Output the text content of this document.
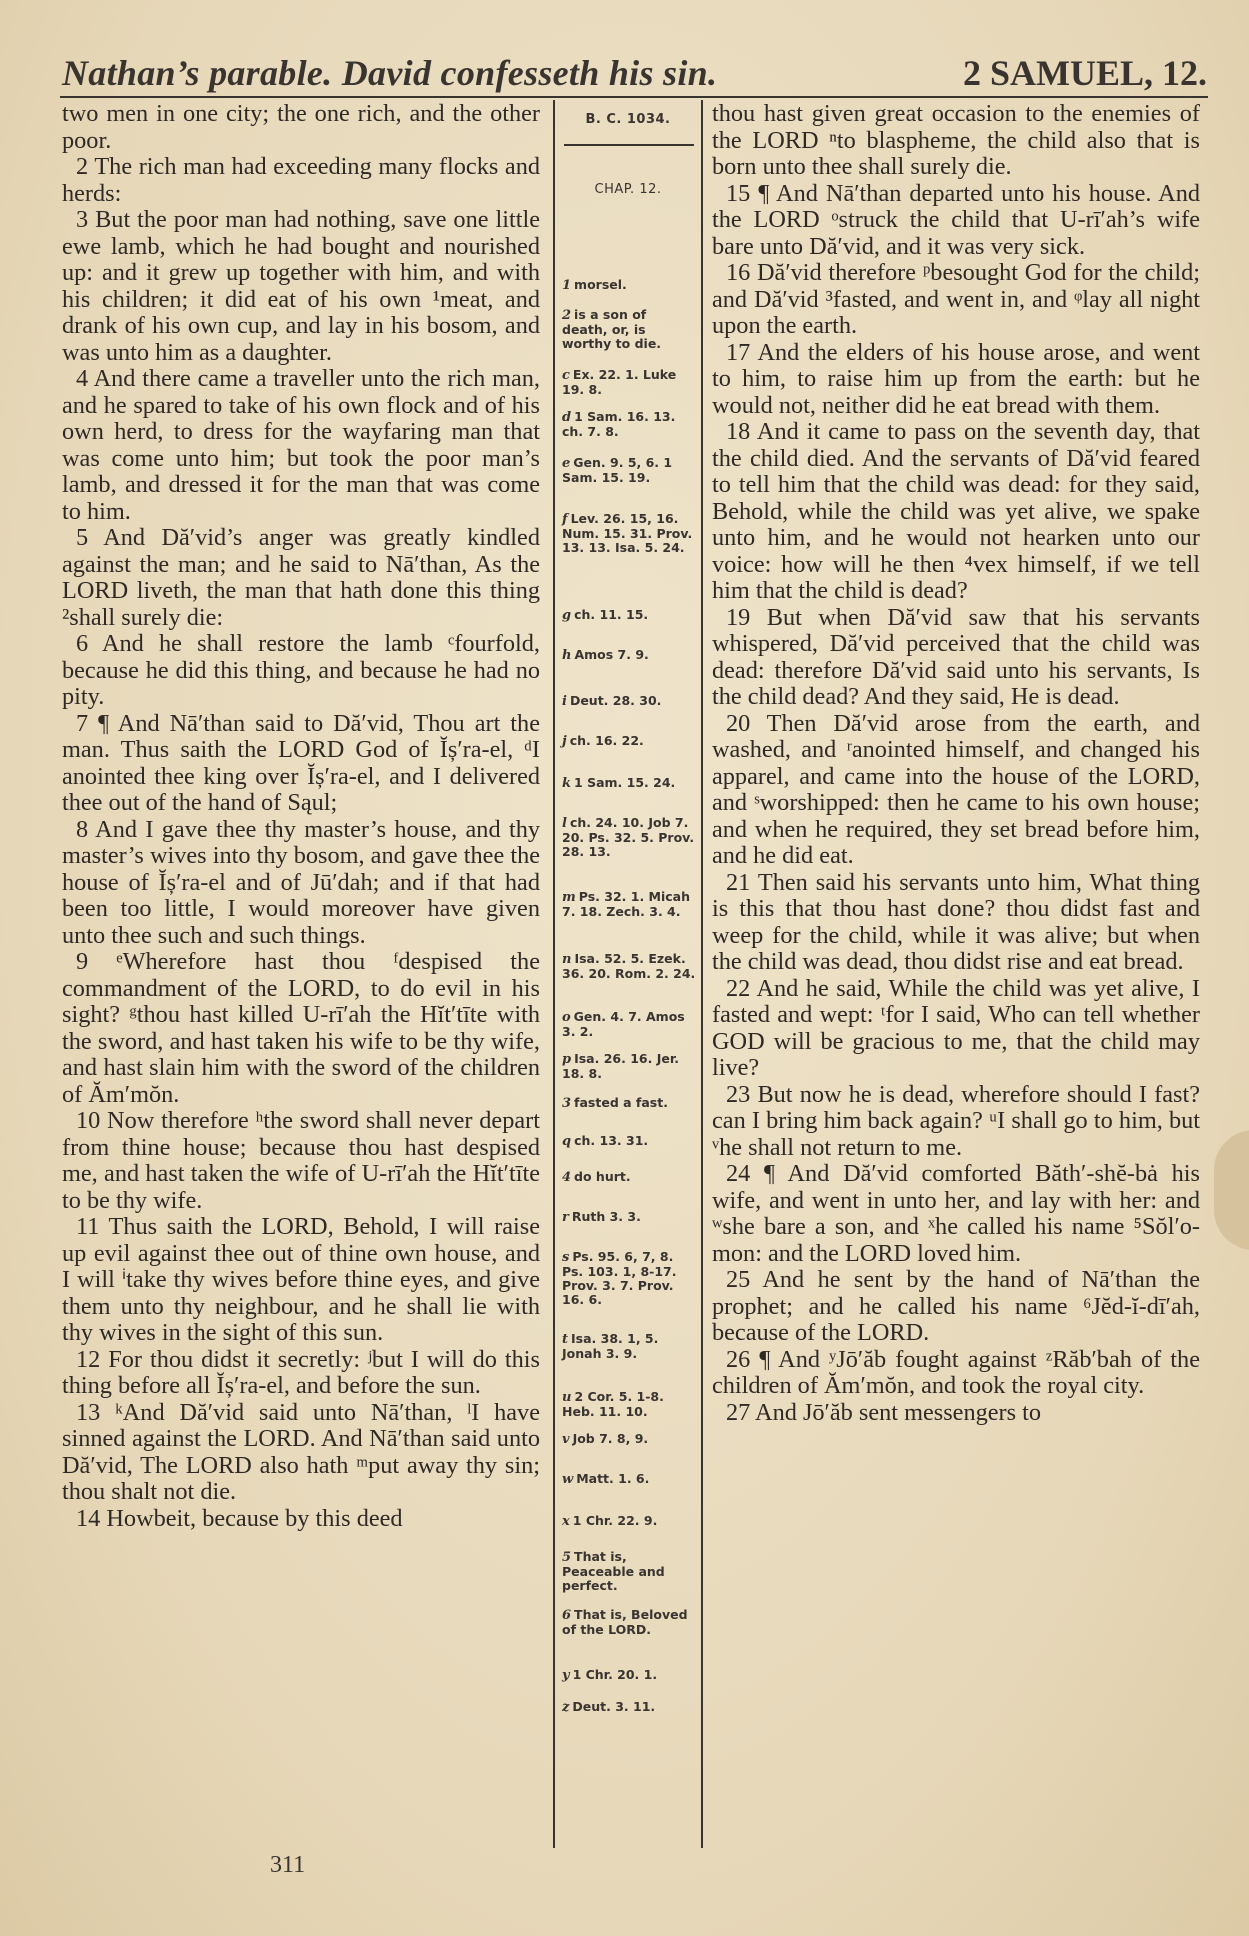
Nathan’s parable. David confesseth his sin.	2 SAMUEL, 12.

two men in one city; the one rich, and the other poor.

2 The rich man had exceeding many flocks and herds:

3 But the poor man had nothing, save one little ewe lamb, which he had bought and nourished up: and it grew up together with him, and with his children; it did eat of his own ¹meat, and drank of his own cup, and lay in his bosom, and was unto him as a daughter.

4 And there came a traveller unto the rich man, and he spared to take of his own flock and of his own herd, to dress for the wayfaring man that was come unto him; but took the poor man’s lamb, and dressed it for the man that was come to him.

5 And Dă′vid’s anger was greatly kindled against the man; and he said to Nā′than, As the LORD liveth, the man that hath done this thing ²shall surely die:

6 And he shall restore the lamb ᶜfourfold, because he did this thing, and because he had no pity.

7 ¶ And Nā′than said to Dă′vid, Thou art the man. Thus saith the LORD God of Ĭș′ra-el, ᵈI anointed thee king over Ĭș′ra-el, and I delivered thee out of the hand of Sąul;

8 And I gave thee thy master’s house, and thy master’s wives into thy bosom, and gave thee the house of Ĭș′ra-el and of Jū′dah; and if that had been too little, I would moreover have given unto thee such and such things.

9 ᵉWherefore hast thou ᶠdespised the commandment of the LORD, to do evil in his sight? ᵍthou hast killed U-rī′ah the Hĭt′tīte with the sword, and hast taken his wife to be thy wife, and hast slain him with the sword of the children of Ăm′mŏn.

10 Now therefore ʰthe sword shall never depart from thine house; because thou hast despised me, and hast taken the wife of U-rī′ah the Hĭt′tīte to be thy wife.

11 Thus saith the LORD, Behold, I will raise up evil against thee out of thine own house, and I will ⁱtake thy wives before thine eyes, and give them unto thy neighbour, and he shall lie with thy wives in the sight of this sun.

12 For thou didst it secretly: ʲbut I will do this thing before all Ĭș′ra-el, and before the sun.

13 ᵏAnd Dă′vid said unto Nā′than, ˡI have sinned against the LORD. And Nā′than said unto Dă′vid, The LORD also hath ᵐput away thy sin; thou shalt not die.

14 Howbeit, because by this deed

B. C. 1034.
CHAP. 12.
1 morsel.
2 is a son of death, or, is worthy to die.
c Ex. 22. 1. Luke 19. 8.
d 1 Sam. 16. 13. ch. 7. 8.
e Gen. 9. 5, 6. 1 Sam. 15. 19.
f Lev. 26. 15, 16. Num. 15. 31. Prov. 13. 13. Isa. 5. 24.
g ch. 11. 15.
h Amos 7. 9.
i Deut. 28. 30.
j ch. 16. 22.
k 1 Sam. 15. 24.
l ch. 24. 10. Job 7. 20. Ps. 32. 5. Prov. 28. 13.
m Ps. 32. 1. Micah 7. 18. Zech. 3. 4.
n Isa. 52. 5. Ezek. 36. 20. Rom. 2. 24.
o Gen. 4. 7. Amos 3. 2.
p Isa. 26. 16. Jer. 18. 8.
3 fasted a fast.
q ch. 13. 31.
4 do hurt.
r Ruth 3. 3.
s Ps. 95. 6, 7, 8. Ps. 103. 1, 8-17. Prov. 3. 7. Prov. 16. 6.
t Isa. 38. 1, 5. Jonah 3. 9.
u 2 Cor. 5. 1-8. Heb. 11. 10.
v Job 7. 8, 9.
w Matt. 1. 6.
x 1 Chr. 22. 9.
5 That is, Peaceable and perfect.
6 That is, Beloved of the LORD.
y 1 Chr. 20. 1.
z Deut. 3. 11.

thou hast given great occasion to the enemies of the LORD ⁿto blaspheme, the child also that is born unto thee shall surely die.

15 ¶ And Nā′than departed unto his house. And the LORD ᵒstruck the child that U-rī′ah’s wife bare unto Dă′vid, and it was very sick.

16 Dă′vid therefore ᵖbesought God for the child; and Dă′vid ³fasted, and went in, and ᵠlay all night upon the earth.

17 And the elders of his house arose, and went to him, to raise him up from the earth: but he would not, neither did he eat bread with them.

18 And it came to pass on the seventh day, that the child died. And the servants of Dă′vid feared to tell him that the child was dead: for they said, Behold, while the child was yet alive, we spake unto him, and he would not hearken unto our voice: how will he then ⁴vex himself, if we tell him that the child is dead?

19 But when Dă′vid saw that his servants whispered, Dă′vid perceived that the child was dead: therefore Dă′vid said unto his servants, Is the child dead? And they said, He is dead.

20 Then Dă′vid arose from the earth, and washed, and ʳanointed himself, and changed his apparel, and came into the house of the LORD, and ˢworshipped: then he came to his own house; and when he required, they set bread before him, and he did eat.

21 Then said his servants unto him, What thing is this that thou hast done? thou didst fast and weep for the child, while it was alive; but when the child was dead, thou didst rise and eat bread.

22 And he said, While the child was yet alive, I fasted and wept: ᵗfor I said, Who can tell whether GOD will be gracious to me, that the child may live?

23 But now he is dead, wherefore should I fast? can I bring him back again? ᵘI shall go to him, but ᵛhe shall not return to me.

24 ¶ And Dă′vid comforted Băth′-shĕ-bȧ his wife, and went in unto her, and lay with her: and ʷshe bare a son, and ˣhe called his name ⁵Sŏl′o-mon: and the LORD loved him.

25 And he sent by the hand of Nā′than the prophet; and he called his name ⁶Jĕd-ĭ-dī′ah, because of the LORD.

26 ¶ And ʸJō′ăb fought against ᶻRăb′bah of the children of Ăm′mŏn, and took the royal city.

27 And Jō′ăb sent messengers to

311
